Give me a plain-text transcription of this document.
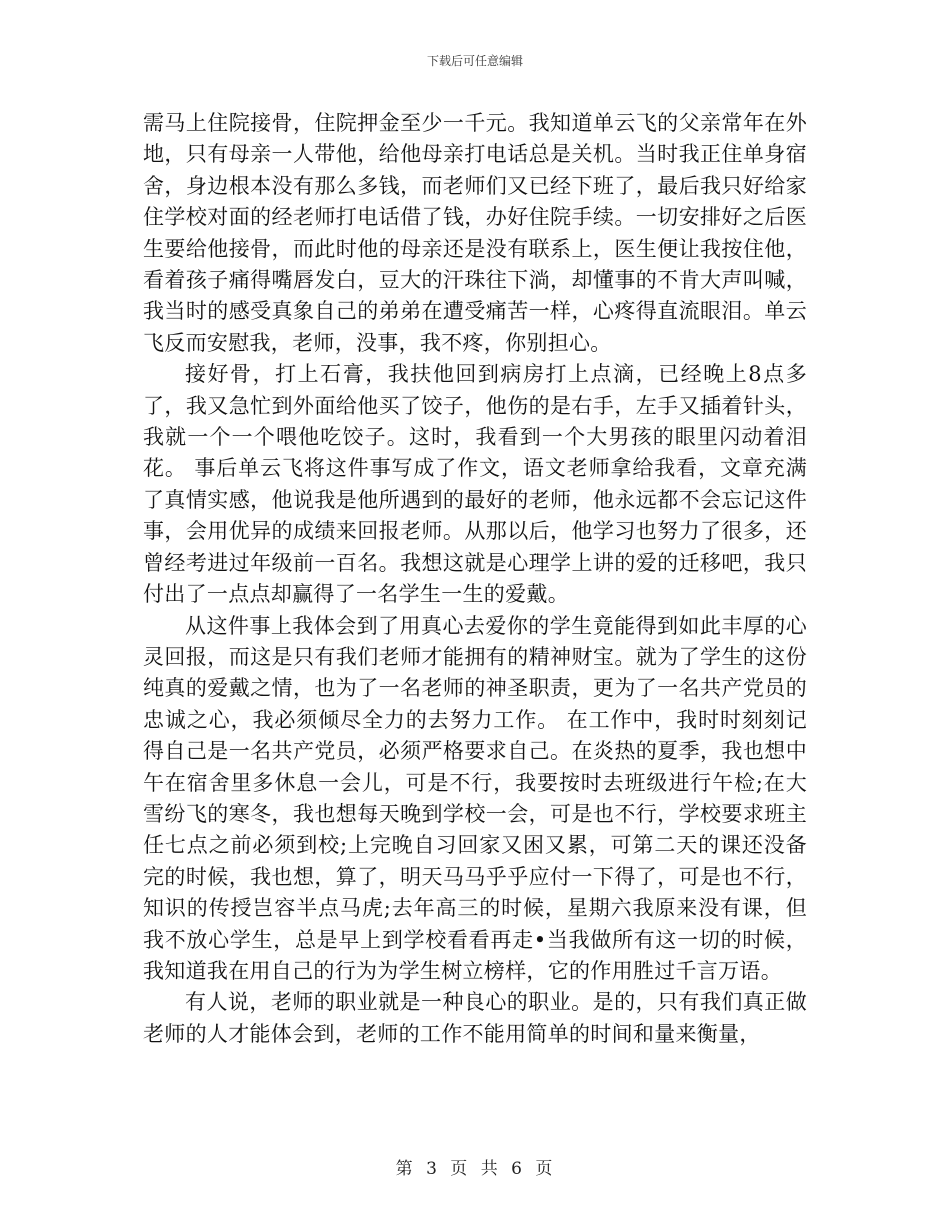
下载后可任意编辑

需马上住院接骨，住院押金至少一千元。我知道单云飞的父亲常年在外地，只有母亲一人带他，给他母亲打电话总是关机。当时我正住单身宿舍，身边根本没有那么多钱，而老师们又已经下班了，最后我只好给家住学校对面的经老师打电话借了钱，办好住院手续。一切安排好之后医生要给他接骨，而此时他的母亲还是没有联系上，医生便让我按住他，看着孩子痛得嘴唇发白，豆大的汗珠往下淌，却懂事的不肯大声叫喊，我当时的感受真象自己的弟弟在遭受痛苦一样，心疼得直流眼泪。单云飞反而安慰我，老师，没事，我不疼，你别担心。

接好骨，打上石膏，我扶他回到病房打上点滴，已经晚上8点多了，我又急忙到外面给他买了饺子，他伤的是右手，左手又插着针头，我就一个一个喂他吃饺子。这时，我看到一个大男孩的眼里闪动着泪花。 事后单云飞将这件事写成了作文，语文老师拿给我看，文章充满了真情实感，他说我是他所遇到的最好的老师，他永远都不会忘记这件事，会用优异的成绩来回报老师。从那以后，他学习也努力了很多，还曾经考进过年级前一百名。我想这就是心理学上讲的爱的迁移吧，我只付出了一点点却赢得了一名学生一生的爱戴。

从这件事上我体会到了用真心去爱你的学生竟能得到如此丰厚的心灵回报，而这是只有我们老师才能拥有的精神财宝。就为了学生的这份纯真的爱戴之情，也为了一名老师的神圣职责，更为了一名共产党员的忠诚之心，我必须倾尽全力的去努力工作。 在工作中，我时时刻刻记得自己是一名共产党员，必须严格要求自己。在炎热的夏季，我也想中午在宿舍里多休息一会儿，可是不行，我要按时去班级进行午检;在大雪纷飞的寒冬，我也想每天晚到学校一会，可是也不行，学校要求班主任七点之前必须到校;上完晚自习回家又困又累，可第二天的课还没备完的时候，我也想，算了，明天马马乎乎应付一下得了，可是也不行，知识的传授岂容半点马虎;去年高三的时候，星期六我原来没有课，但我不放心学生，总是早上到学校看看再走•当我做所有这一切的时候，我知道我在用自己的行为为学生树立榜样，它的作用胜过千言万语。

有人说，老师的职业就是一种良心的职业。是的，只有我们真正做老师的人才能体会到，老师的工作不能用简单的时间和量来衡量，

第 3 页 共 6 页
